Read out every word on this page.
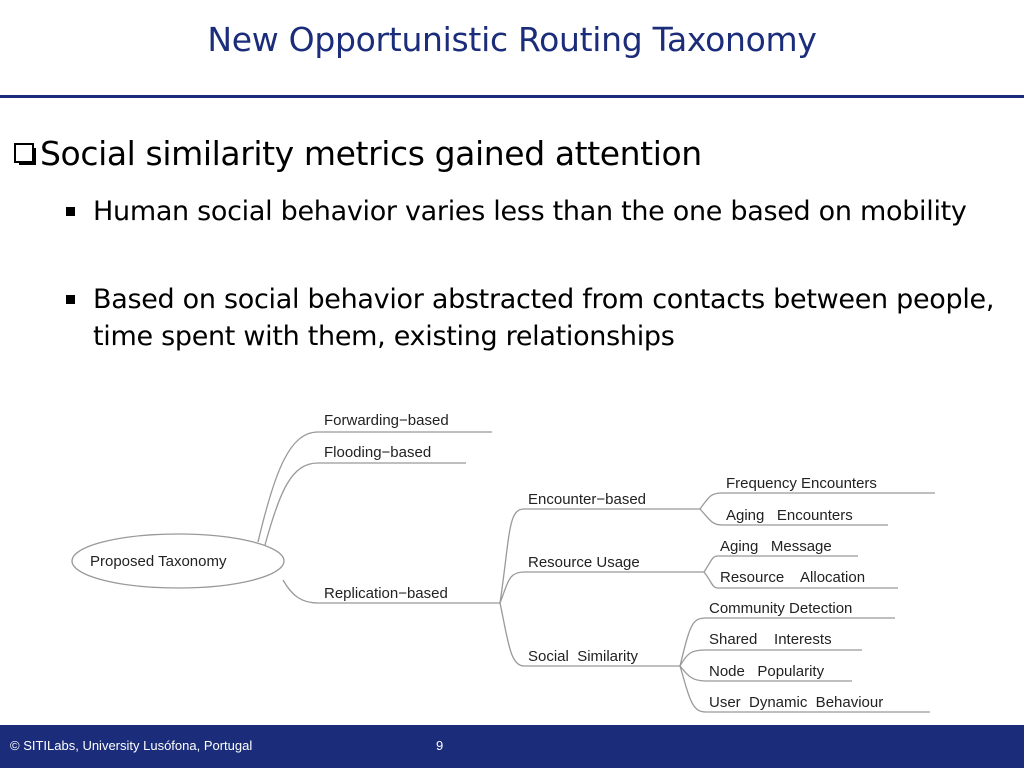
New Opportunistic Routing Taxonomy
Social similarity metrics gained attention
Human social behavior varies less than the one based on mobility
Based on social behavior abstracted from contacts between people, time spent with them, existing relationships
Proposed Taxonomy
Forwarding−based
Flooding−based
Replication−based
Encounter−based
Resource Usage
Social  Similarity
Frequency Encounters
Aging   Encounters
Aging   Message
Resource    Allocation
Community Detection
Shared    Interests
Node   Popularity
User  Dynamic  Behaviour
© SITILabs, University Lusófona, Portugal	9
